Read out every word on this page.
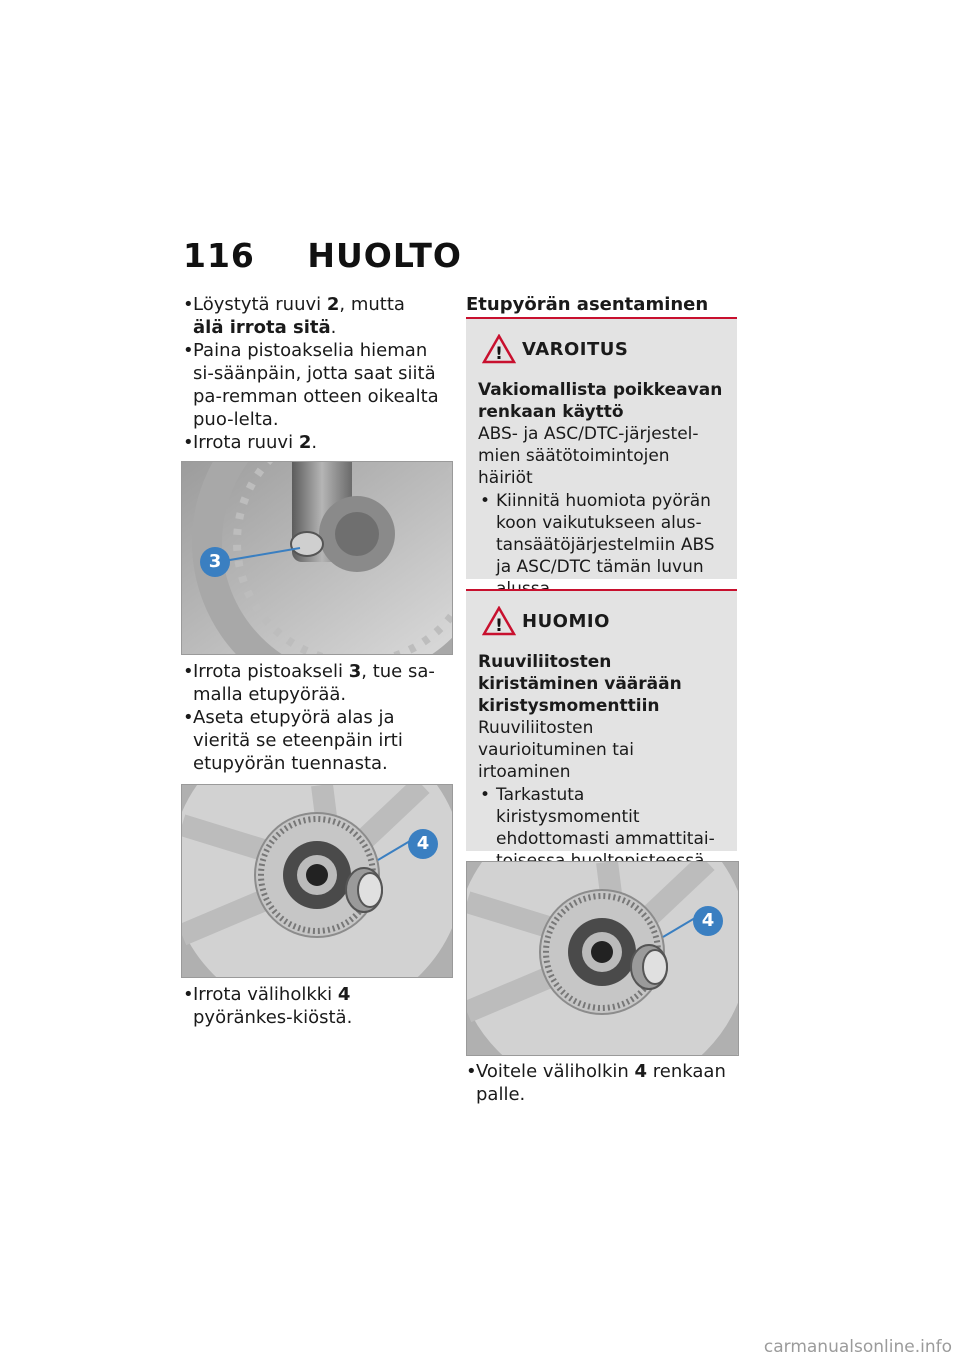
116 HUOLTO

• Löystytä ruuvi 2, mutta älä irrota sitä.

• Paina pistoakselia hieman si-säänpäin, jotta saat siitä pa-remman otteen oikealta puo-lelta.

• Irrota ruuvi 2.

3

• Irrota pistoakseli 3, tue sa-malla etupyörää.

• Aseta etupyörä alas ja vieritä se eteenpäin irti etupyörän tuennasta.

4

• Irrota väliholkki 4 pyöränkes-kiöstä.

Etupyörän asentaminen
! VAROITUS
Vakiomallista poikkeavan renkaan käyttö
ABS- ja ASC/DTC-järjestel-mien säätötoimintojen häiriöt
• Kiinnitä huomiota pyörän koon vaikutukseen alus-tansäätöjärjestelmiin ABS ja ASC/DTC tämän luvun
! HUOMIO
Ruuviliitosten kiristäminen väärään kiristysmomenttiin
Ruuviliitosten vaurioituminen tai irtoaminen
• Tarkastuta kiristysmomentit ehdottomasti ammattitai-
4

• Voitele väliholkin 4 renkaan palle.

carmanualsonline.info
